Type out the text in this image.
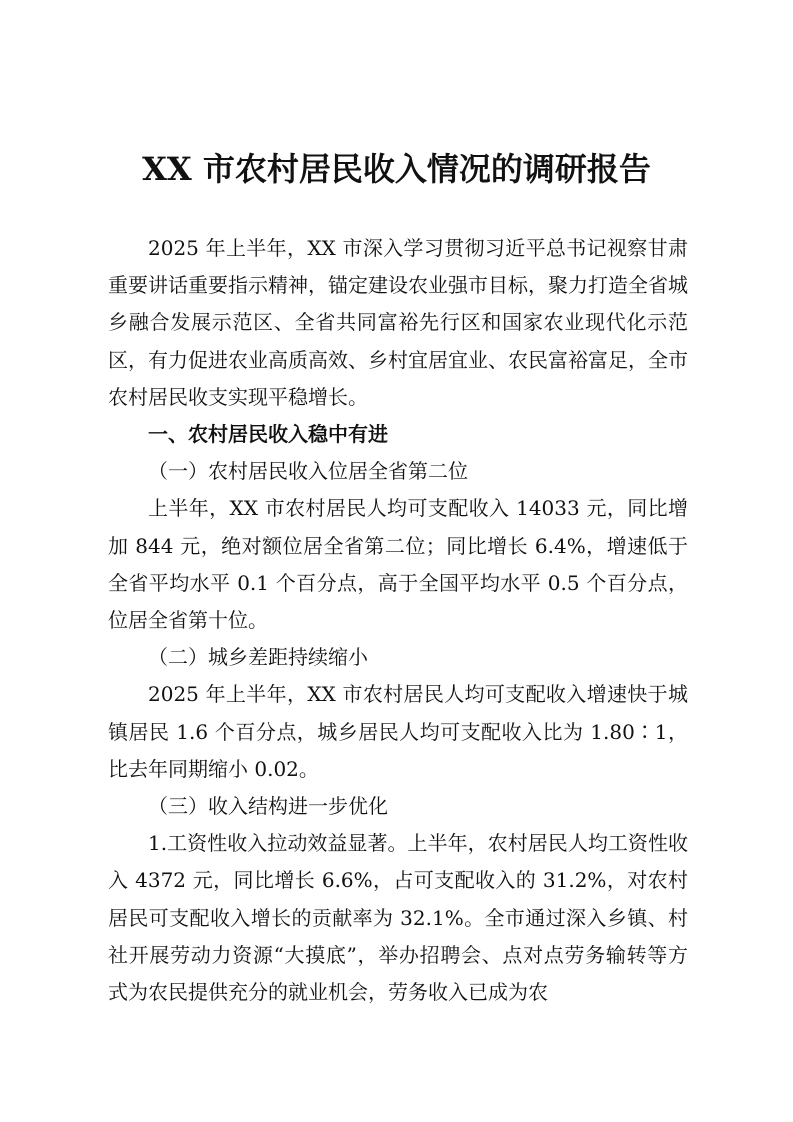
XX 市农村居民收入情况的调研报告

2025 年上半年，XX 市深入学习贯彻习近平总书记视察甘肃重要讲话重要指示精神，锚定建设农业强市目标，聚力打造全省城乡融合发展示范区、全省共同富裕先行区和国家农业现代化示范区，有力促进农业高质高效、乡村宜居宜业、农民富裕富足，全市农村居民收支实现平稳增长。

一、农村居民收入稳中有进

（一）农村居民收入位居全省第二位

上半年，XX 市农村居民人均可支配收入 14033 元，同比增加 844 元，绝对额位居全省第二位；同比增长 6.4%，增速低于全省平均水平 0.1 个百分点，高于全国平均水平 0.5 个百分点，位居全省第十位。

（二）城乡差距持续缩小

2025 年上半年，XX 市农村居民人均可支配收入增速快于城镇居民 1.6 个百分点，城乡居民人均可支配收入比为 1.80∶1，比去年同期缩小 0.02。

（三）收入结构进一步优化

1.工资性收入拉动效益显著。上半年，农村居民人均工资性收入 4372 元，同比增长 6.6%，占可支配收入的 31.2%，对农村居民可支配收入增长的贡献率为 32.1%。全市通过深入乡镇、村社开展劳动力资源“大摸底”，举办招聘会、点对点劳务输转等方式为农民提供充分的就业机会，劳务收入已成为农
